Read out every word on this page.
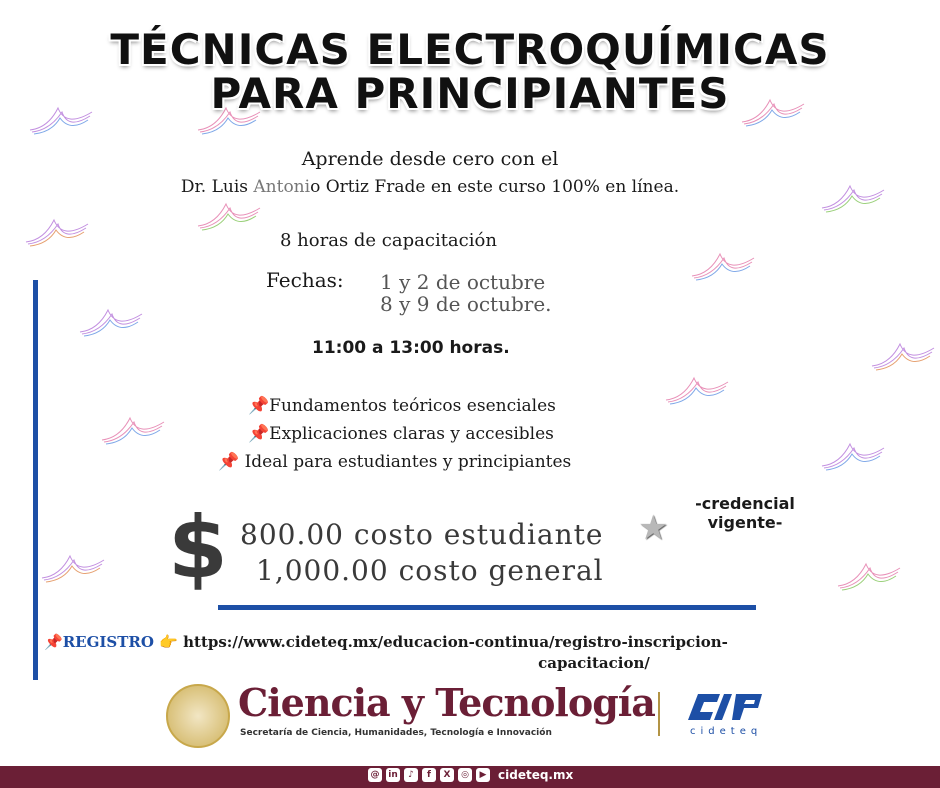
TÉCNICAS ELECTROQUÍMICAS
PARA PRINCIPIANTES
Aprende desde cero con el
Dr. Luis Antonio Ortiz Frade en este curso 100% en línea.
8 horas de capacitación
Fechas: 1 y 2 de octubre
8 y 9 de octubre.
11:00 a 13:00 horas.
📌Fundamentos teóricos esenciales
📌Explicaciones claras y accesibles
📌 Ideal para estudiantes y principiantes
$ 800.00 costo estudiante
1,000.00 costo general
★
-credencial
vigente-
📌REGISTRO 👉 https://www.cideteq.mx/educacion-continua/registro-inscripcion-

capacitacion/
Ciencia y Tecnología
Secretaría de Ciencia, Humanidades, Tecnología e Innovación	cideteq
@ in	♪	f	X	◎	▶ cideteq.mx
